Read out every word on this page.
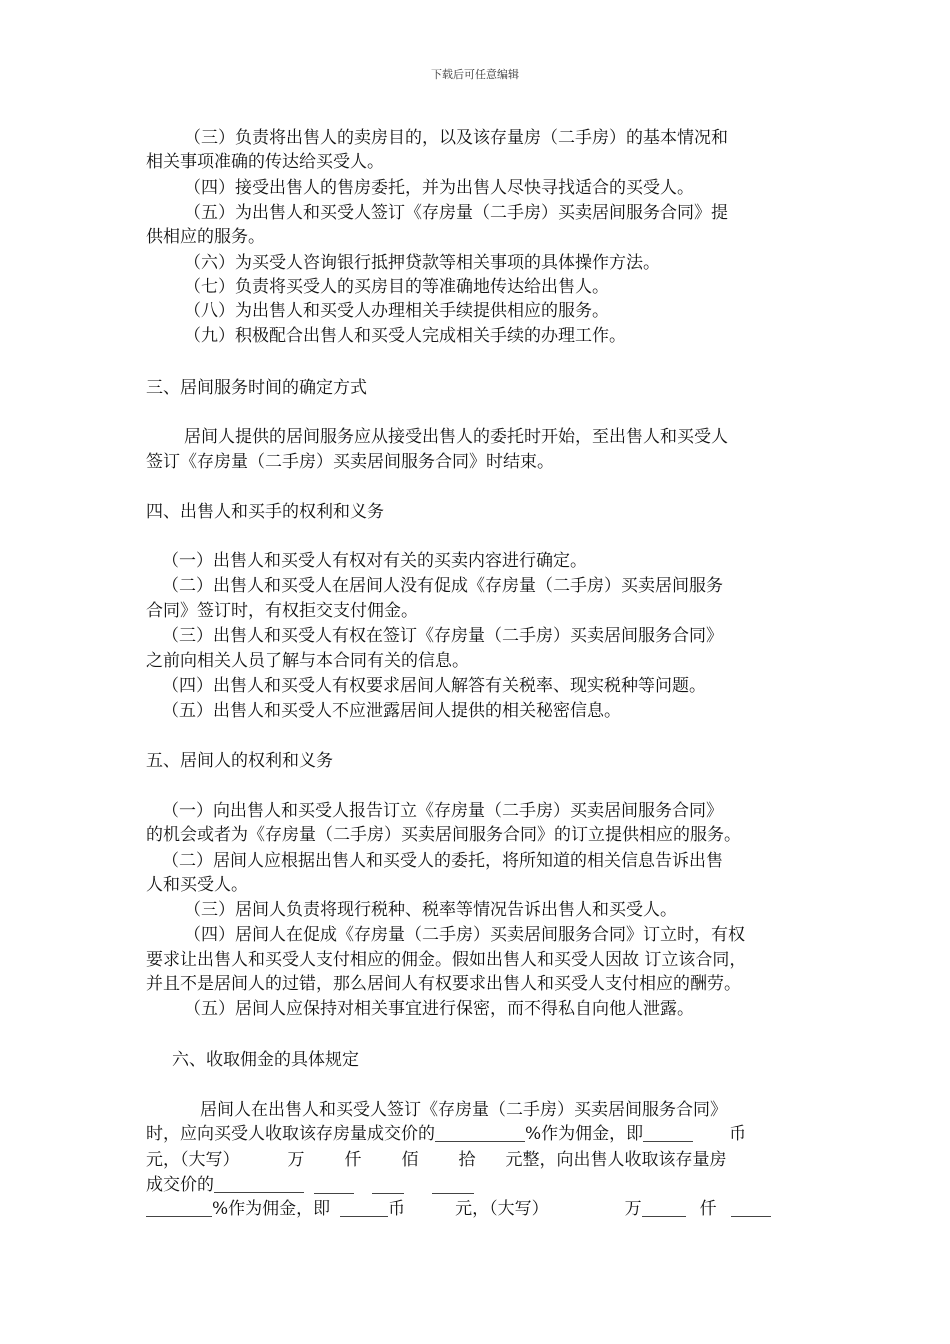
下载后可任意编辑
（三）负责将出售人的卖房目的，以及该存量房（二手房）的基本情况和
相关事项准确的传达给买受人。
（四）接受出售人的售房委托，并为出售人尽快寻找适合的买受人。
（五）为出售人和买受人签订《存房量（二手房）买卖居间服务合同》提
供相应的服务。
（六）为买受人咨询银行抵押贷款等相关事项的具体操作方法。
（七）负责将买受人的买房目的等准确地传达给出售人。
（八）为出售人和买受人办理相关手续提供相应的服务。
（九）积极配合出售人和买受人完成相关手续的办理工作。
三、居间服务时间的确定方式
居间人提供的居间服务应从接受出售人的委托时开始，至出售人和买受人
签订《存房量（二手房）买卖居间服务合同》时结束。
四、出售人和买手的权利和义务
（一）出售人和买受人有权对有关的买卖内容进行确定。
（二）出售人和买受人在居间人没有促成《存房量（二手房）买卖居间服务
合同》签订时，有权拒交支付佣金。
（三）出售人和买受人有权在签订《存房量（二手房）买卖居间服务合同》
之前向相关人员了解与本合同有关的信息。
（四）出售人和买受人有权要求居间人解答有关税率、现实税种等问题。
（五）出售人和买受人不应泄露居间人提供的相关秘密信息。
五、居间人的权利和义务
（一）向出售人和买受人报告订立《存房量（二手房）买卖居间服务合同》
的机会或者为《存房量（二手房）买卖居间服务合同》的订立提供相应的服务。
（二）居间人应根据出售人和买受人的委托，将所知道的相关信息告诉出售
人和买受人。
（三）居间人负责将现行税种、税率等情况告诉出售人和买受人。
（四）居间人在促成《存房量（二手房）买卖居间服务合同》订立时，有权
要求让出售人和买受人支付相应的佣金。假如出售人和买受人因故 订立该合同，
并且不是居间人的过错，那么居间人有权要求出售人和买受人支付相应的酬劳。
（五）居间人应保持对相关事宜进行保密，而不得私自向他人泄露。
六、收取佣金的具体规定
居间人在出售人和买受人签订《存房量（二手房）买卖居间服务合同》
时，应向买受人收取该存房量成交价的	%作为佣金，即	币
元，（大写）	万 仟 佰 拾 元整，向出售人收取该存量房
成交价的
%作为佣金，即	币	元，（大写）	万	仟
